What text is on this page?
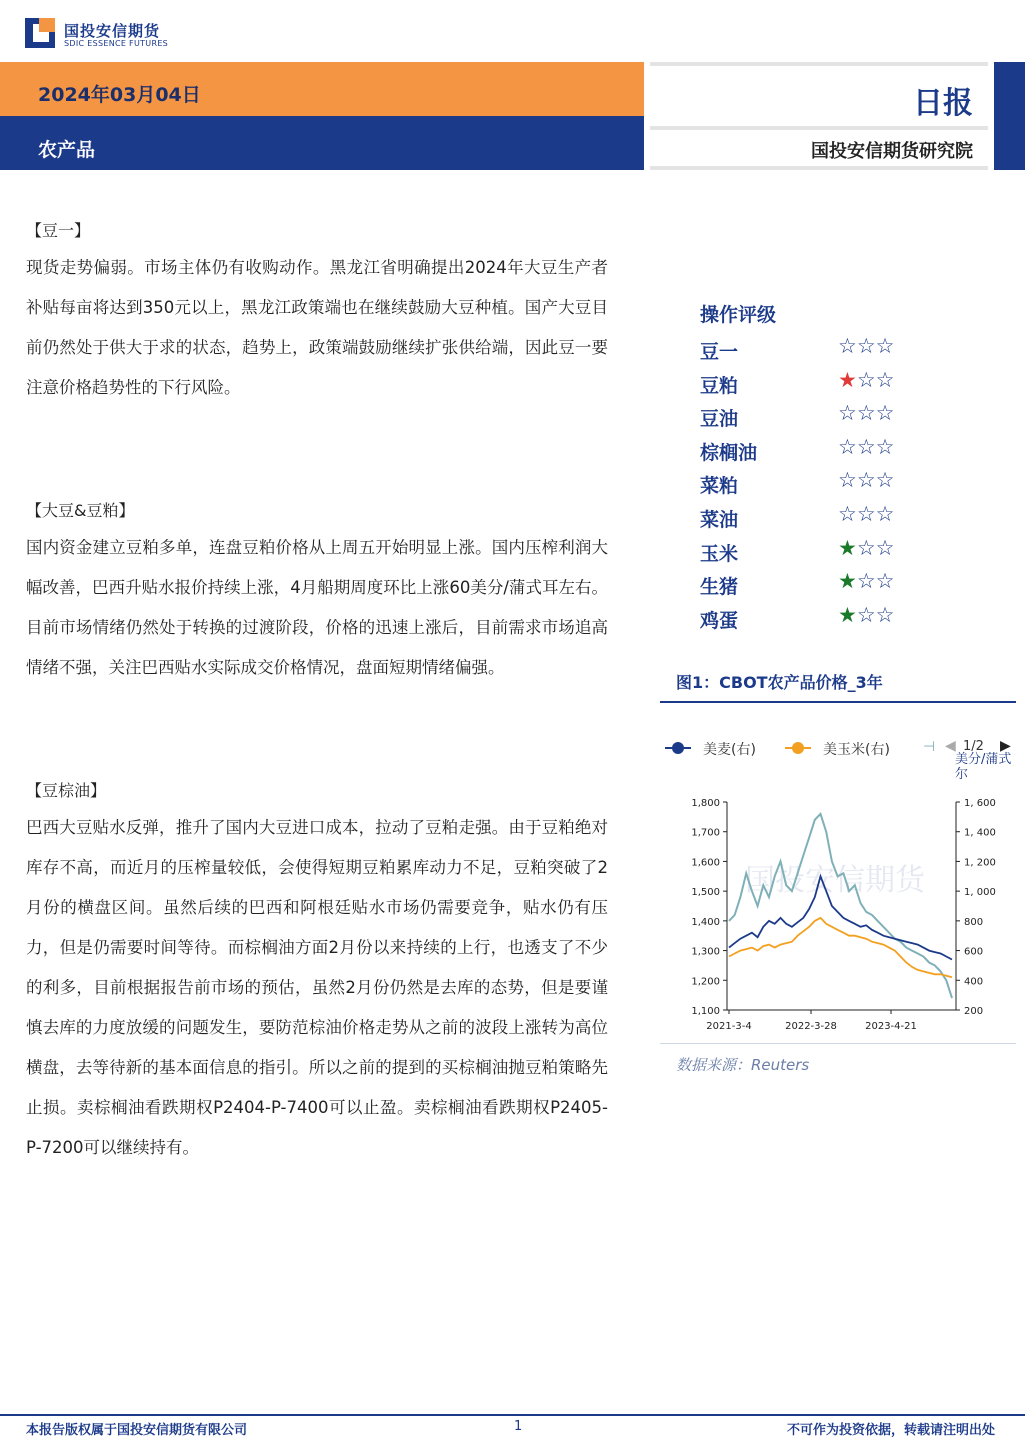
国投安信期货
SDIC ESSENCE FUTURES
2024年03月04日
农产品
日报
国投安信期货研究院
【豆一】
现货走势偏弱。市场主体仍有收购动作。黑龙江省明确提出2024年大豆生产者补贴每亩将达到350元以上，黑龙江政策端也在继续鼓励大豆种植。国产大豆目前仍然处于供大于求的状态，趋势上，政策端鼓励继续扩张供给端，因此豆一要注意价格趋势性的下行风险。
【大豆&豆粕】
国内资金建立豆粕多单，连盘豆粕价格从上周五开始明显上涨。国内压榨利润大幅改善，巴西升贴水报价持续上涨，4月船期周度环比上涨60美分/蒲式耳左右。目前市场情绪仍然处于转换的过渡阶段，价格的迅速上涨后，目前需求市场追高情绪不强，关注巴西贴水实际成交价格情况，盘面短期情绪偏强。
【豆棕油】
巴西大豆贴水反弹，推升了国内大豆进口成本，拉动了豆粕走强。由于豆粕绝对库存不高，而近月的压榨量较低，会使得短期豆粕累库动力不足，豆粕突破了2月份的横盘区间。虽然后续的巴西和阿根廷贴水市场仍需要竞争，贴水仍有压力，但是仍需要时间等待。而棕榈油方面2月份以来持续的上行，也透支了不少的利多，目前根据报告前市场的预估，虽然2月份仍然是去库的态势，但是要谨慎去库的力度放缓的问题发生，要防范棕油价格走势从之前的波段上涨转为高位横盘，去等待新的基本面信息的指引。所以之前的提到的买棕榈油抛豆粕策略先止损。卖棕榈油看跌期权P2404-P-7400可以止盈。卖棕榈油看跌期权P2405-P-7200可以继续持有。
操作评级
豆一	☆☆☆
豆粕	★☆☆
豆油	☆☆☆
棕榈油	☆☆☆
菜粕	☆☆☆
菜油	☆☆☆
玉米	★☆☆
生猪	★☆☆
鸡蛋	★☆☆
图1：CBOT农产品价格_3年
美麦(右)	美玉米(右) ⊣ ◀ 1/2 ▶
美分/蒲式尔
国投安信期货
1,800
1,700
1,600
1,500
1,400
1,300
1,200
1,100
1, 600
1, 400
1, 200
1, 000
800
600
400
200
2021-3-4	2022-3-28	2023-4-21
数据来源：Reuters
本报告版权属于国投安信期货有限公司	1	不可作为投资依据，转载请注明出处
